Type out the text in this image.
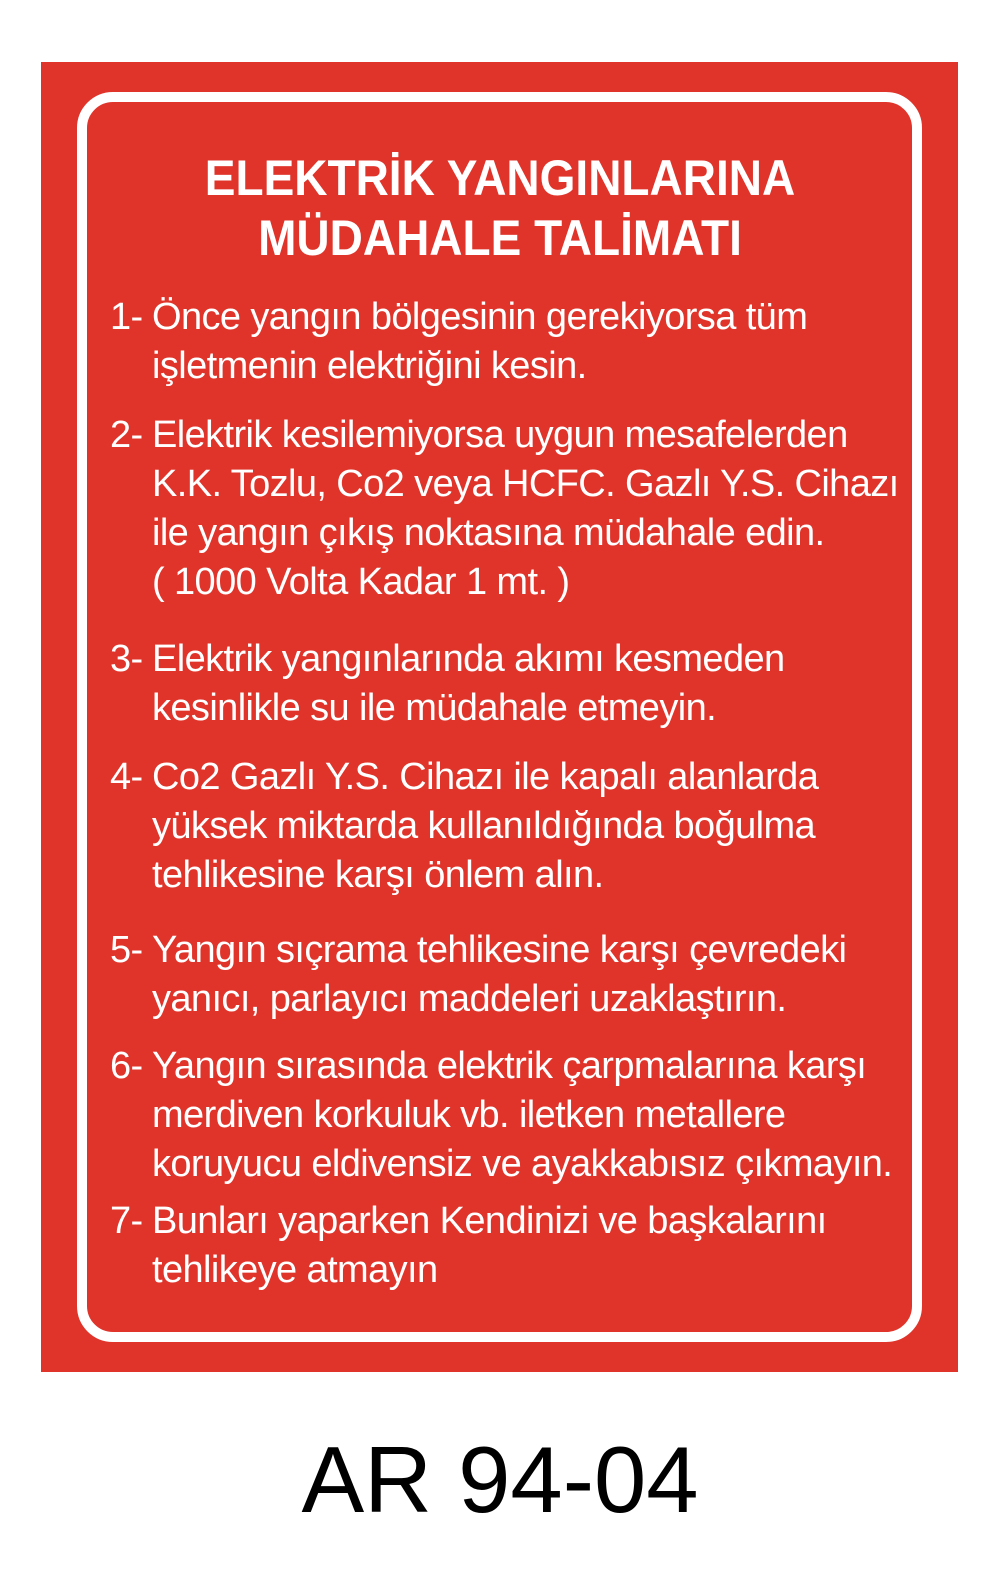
ELEKTRİK YANGINLARINA
MÜDAHALE TALİMATI
1- Önce yangın bölgesinin gerekiyorsa tüm
işletmenin elektriğini kesin.
2- Elektrik kesilemiyorsa uygun mesafelerden
K.K. Tozlu, Co2 veya HCFC. Gazlı Y.S. Cihazı
ile yangın çıkış noktasına müdahale edin.
( 1000 Volta Kadar 1 mt. )
3- Elektrik yangınlarında akımı kesmeden
kesinlikle su ile müdahale etmeyin.
4- Co2 Gazlı Y.S. Cihazı ile kapalı alanlarda
yüksek miktarda kullanıldığında boğulma
tehlikesine karşı önlem alın.
5- Yangın sıçrama tehlikesine karşı çevredeki
yanıcı, parlayıcı maddeleri uzaklaştırın.
6- Yangın sırasında elektrik çarpmalarına karşı
merdiven korkuluk vb. iletken metallere
koruyucu eldivensiz ve ayakkabısız çıkmayın.
7- Bunları yaparken Kendinizi ve başkalarını
tehlikeye atmayın
AR 94-04
